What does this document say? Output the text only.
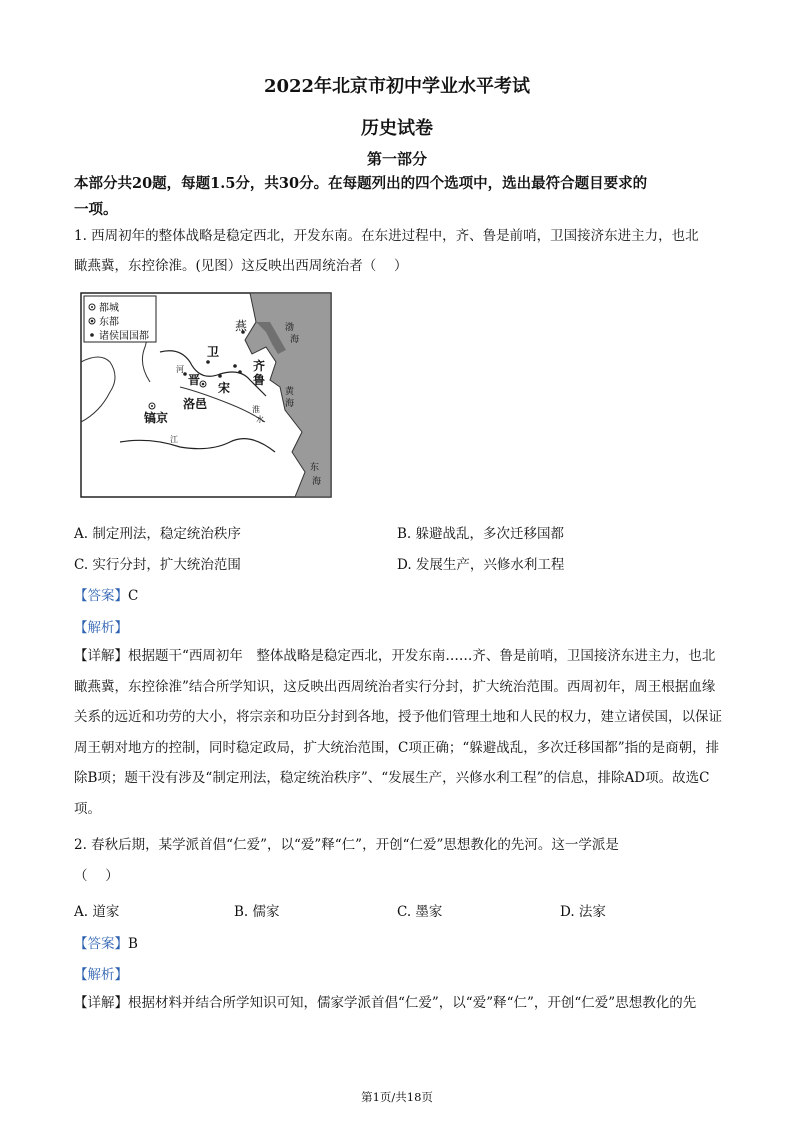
2022年北京市初中学业水平考试
历史试卷
第一部分
本部分共20题，每题1.5分，共30分。在每题列出的四个选项中，选出最符合题目要求的
一项。
1. 西周初年的整体战略是稳定西北，开发东南。在东进过程中，齐、鲁是前哨，卫国接济东进主力，也北
瞰燕冀，东控徐淮。(见图）这反映出西周统治者（　 ）
都城
东都
诸侯国国都
燕	渤
海
卫
晋
齐
鲁
宋
镐京
洛邑
黄
海
东
海
河
淮
水
江
A. 制定刑法，稳定统治秩序	B. 躲避战乱，多次迁移国都
C. 实行分封，扩大统治范围	D. 发展生产，兴修水利工程
【答案】C
【解析】
【详解】根据题干“西周初年　整体战略是稳定西北，开发东南……齐、鲁是前哨，卫国接济东进主力，也北瞰燕冀，东控徐淮”结合所学知识，这反映出西周统治者实行分封，扩大统治范围。西周初年，周王根据血缘关系的远近和功劳的大小，将宗亲和功臣分封到各地，授予他们管理土地和人民的权力，建立诸侯国，以保证周王朝对地方的控制，同时稳定政局，扩大统治范围，C项正确；“躲避战乱，多次迁移国都”指的是商朝，排除B项；题干没有涉及“制定刑法，稳定统治秩序”、“发展生产，兴修水利工程”的信息，排除AD项。故选C项。
2. 春秋后期，某学派首倡“仁爱”，以“爱”释“仁”，开创“仁爱”思想教化的先河。这一学派是
（　 ）
A. 道家	B. 儒家	C. 墨家	D. 法家
【答案】B
【解析】
【详解】根据材料并结合所学知识可知，儒家学派首倡“仁爱”，以“爱”释“仁”，开创“仁爱”思想教化的先
第1页/共18页
